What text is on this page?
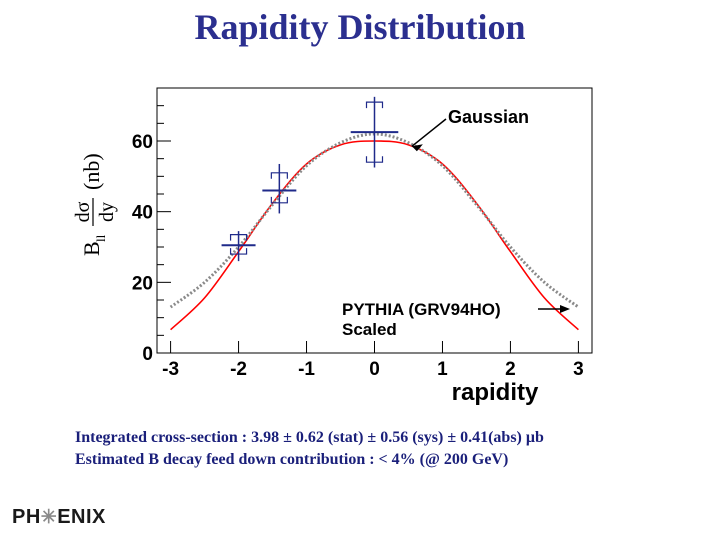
Rapidity Distribution
-3	-2	-1	0	1	2	3
0
20
40
60
Gaussian
PYTHIA (GRV94HO)
Scaled
B
ll
dσ dy
(nb)
rapidity
Integrated cross-section : 3.98 ± 0.62 (stat) ± 0.56 (sys) ± 0.41(abs) μb
Estimated B decay feed down contribution : < 4% (@ 200 GeV)
PH✳ENIX
